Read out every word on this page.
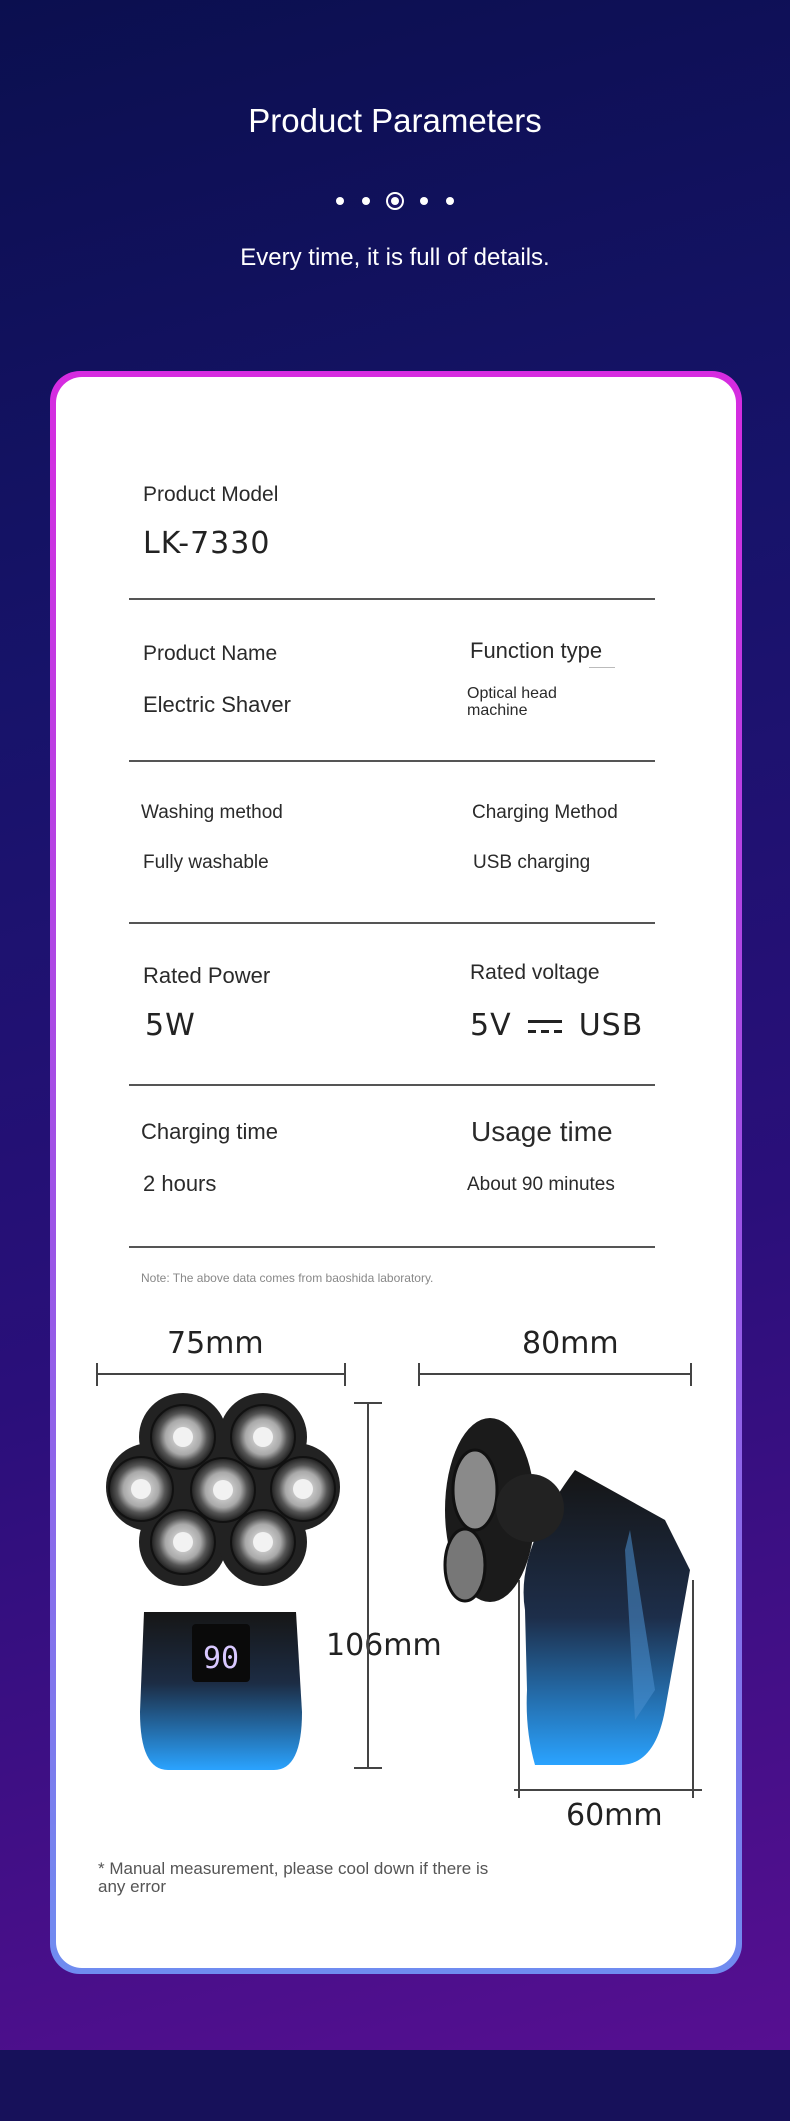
Product Parameters
Every time, it is full of details.
Product Model
LK-7330
Product Name
Electric Shaver
Function type
Optical head
machine
Washing method
Fully washable
Charging Method
USB charging
Rated Power
5W
Rated voltage
5V USB
Charging time
2 hours
Usage time
About 90 minutes
Note: The above data comes from baoshida laboratory.
75mm	80mm
106mm
60mm
90
* Manual measurement, please cool down if there is any error
